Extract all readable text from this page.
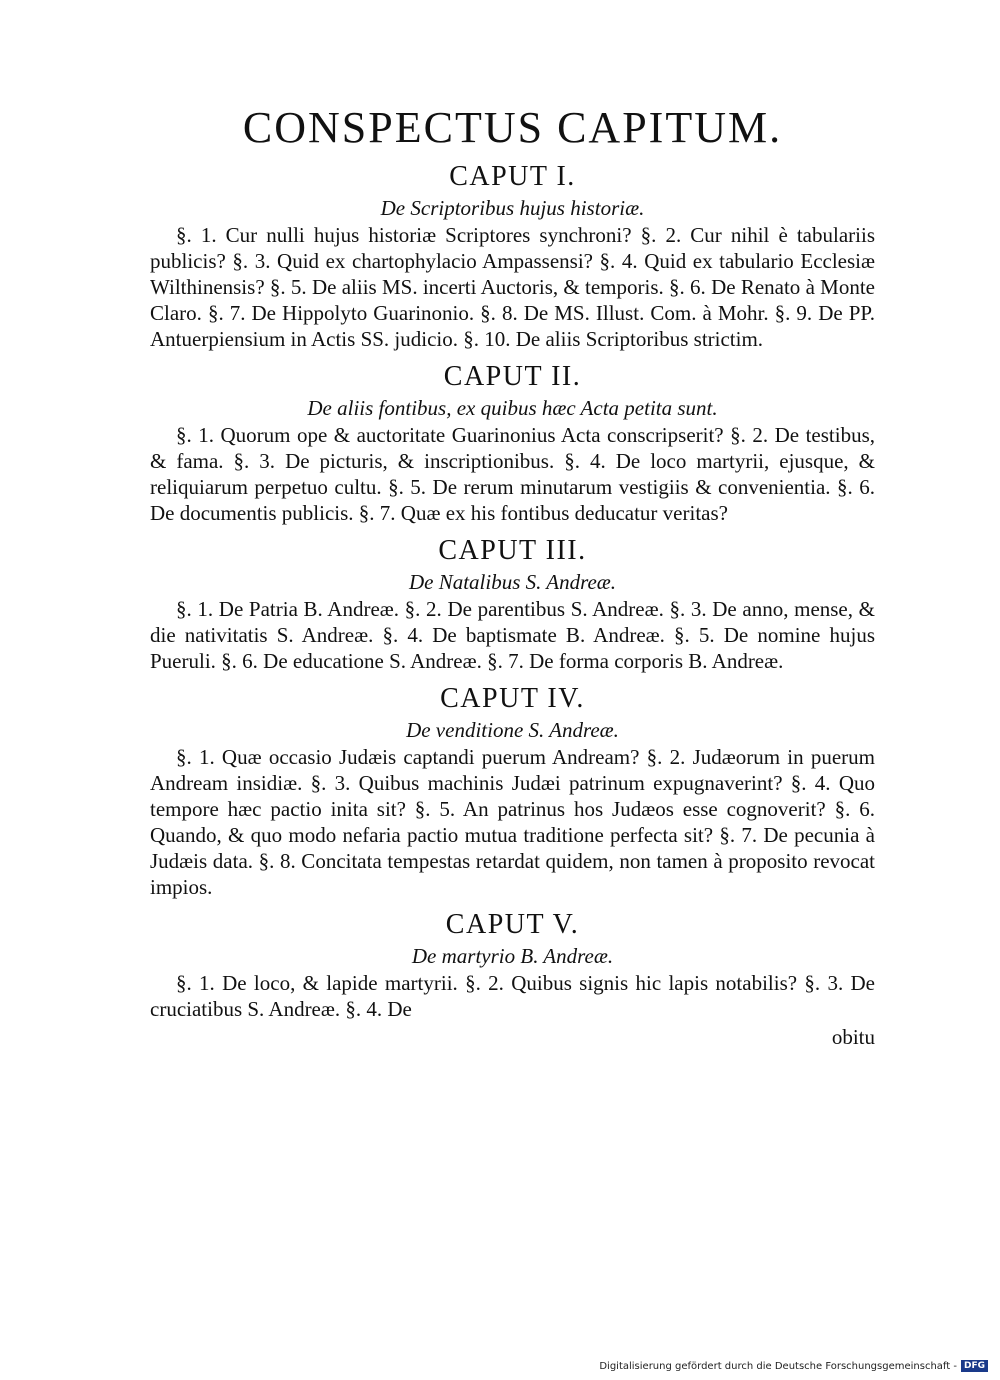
CONSPECTUS CAPITUM.

CAPUT I.

De Scriptoribus hujus historiæ.

§. 1. Cur nulli hujus historiæ Scriptores synchroni? §. 2. Cur nihil è tabulariis publicis? §. 3. Quid ex chartophylacio Ampassensi? §. 4. Quid ex tabulario Ecclesiæ Wilthinensis? §. 5. De aliis MS. incerti Auctoris, & temporis. §. 6. De Renato à Monte Claro. §. 7. De Hippolyto Guarinonio. §. 8. De MS. Illust. Com. à Mohr. §. 9. De PP. Antuerpiensium in Actis SS. judicio. §. 10. De aliis Scriptoribus strictim.

CAPUT II.

De aliis fontibus, ex quibus hæc Acta petita sunt.

§. 1. Quorum ope & auctoritate Guarinonius Acta conscripserit? §. 2. De testibus, & fama. §. 3. De picturis, & inscriptionibus. §. 4. De loco martyrii, ejusque, & reliquiarum perpetuo cultu. §. 5. De rerum minutarum vestigiis & convenientia. §. 6. De documentis publicis. §. 7. Quæ ex his fontibus deducatur veritas?

CAPUT III.

De Natalibus S. Andreæ.

§. 1. De Patria B. Andreæ. §. 2. De parentibus S. Andreæ. §. 3. De anno, mense, & die nativitatis S. Andreæ. §. 4. De baptismate B. Andreæ. §. 5. De nomine hujus Pueruli. §. 6. De educatione S. Andreæ. §. 7. De forma corporis B. Andreæ.

CAPUT IV.

De venditione S. Andreæ.

§. 1. Quæ occasio Judæis captandi puerum Andream? §. 2. Judæorum in puerum Andream insidiæ. §. 3. Quibus machinis Judæi patrinum expugnaverint? §. 4. Quo tempore hæc pactio inita sit? §. 5. An patrinus hos Judæos esse cognoverit? §. 6. Quando, & quo modo nefaria pactio mutua traditione perfecta sit? §. 7. De pecunia à Judæis data. §. 8. Concitata tempestas retardat quidem, non tamen à proposito revocat impios.

CAPUT V.

De martyrio B. Andreæ.

§. 1. De loco, & lapide martyrii. §. 2. Quibus signis hic lapis notabilis? §. 3. De cruciatibus S. Andreæ. §. 4. De

obitu

Digitalisierung gefördert durch die Deutsche Forschungsgemeinschaft - DFG
